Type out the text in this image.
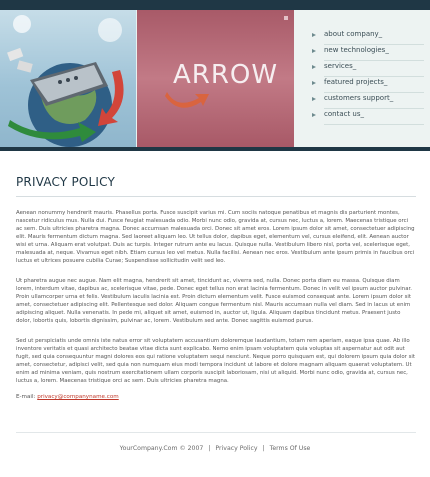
ARROW
about company_
new technologies_
services_
featured projects_
customers support_
contact us_
PRIVACY POLICY

Aenean nonummy hendrerit mauris. Phasellus porta. Fusce suscipit varius mi. Cum sociis natoque penatibus et magnis dis parturient montes, nascetur ridiculus mus. Nulla dui. Fusce feugiat malesuada odio. Morbi nunc odio, gravida at, cursus nec, luctus a, lorem. Maecenas tristique orci ac sem. Duis ultricies pharetra magna. Donec accumsan malesuada orci. Donec sit amet eros. Lorem ipsum dolor sit amet, consectetuer adipiscing elit. Mauris fermentum dictum magna. Sed laoreet aliquam leo. Ut tellus dolor, dapibus eget, elementum vel, cursus eleifend, elit. Aenean auctor wisi et urna. Aliquam erat volutpat. Duis ac turpis. Integer rutrum ante eu lacus. Quisque nulla. Vestibulum libero nisl, porta vel, scelerisque eget, malesuada at, neque. Vivamus eget nibh. Etiam cursus leo vel metus. Nulla facilisi. Aenean nec eros. Vestibulum ante ipsum primis in faucibus orci luctus et ultrices posuere cubilia Curae; Suspendisse sollicitudin velit sed leo.

Ut pharetra augue nec augue. Nam elit magna, hendrerit sit amet, tincidunt ac, viverra sed, nulla. Donec porta diam eu massa. Quisque diam lorem, interdum vitae, dapibus ac, scelerisque vitae, pede. Donec eget tellus non erat lacinia fermentum. Donec in velit vel ipsum auctor pulvinar. Proin ullamcorper urna et felis. Vestibulum iaculis lacinia est. Proin dictum elementum velit. Fusce euismod consequat ante. Lorem ipsum dolor sit amet, consectetuer adipiscing elit. Pellentesque sed dolor. Aliquam congue fermentum nisl. Mauris accumsan nulla vel diam. Sed in lacus ut enim adipiscing aliquet. Nulla venenatis. In pede mi, aliquet sit amet, euismod in, auctor ut, ligula. Aliquam dapibus tincidunt metus. Praesent justo dolor, lobortis quis, lobortis dignissim, pulvinar ac, lorem. Vestibulum sed ante. Donec sagittis euismod purus.

Sed ut perspiciatis unde omnis iste natus error sit voluptatem accusantium doloremque laudantium, totam rem aperiam, eaque ipsa quae. Ab illo inventore veritatis et quasi architecto beatae vitae dicta sunt explicabo. Nemo enim ipsam voluptatem quia voluptas sit aspernatur aut odit aut fugit, sed quia consequuntur magni dolores eos qui ratione voluptatem sequi nesciunt. Neque porro quisquam est, qui dolorem ipsum quia dolor sit amet, consectetur, adipisci velit, sed quia non numquam eius modi tempora incidunt ut labore et dolore magnam aliquam quaerat voluptatem. Ut enim ad minima veniam, quis nostrum exercitationem ullam corporis suscipit laboriosam, nisi ut aliquid. Morbi nunc odio, gravida at, cursus nec, luctus a, lorem. Maecenas tristique orci ac sem. Duis ultricies pharetra magna.

E-mail: privacy@companyname.com
YourCompany.Com © 2007 | Privacy Policy | Terms Of Use
